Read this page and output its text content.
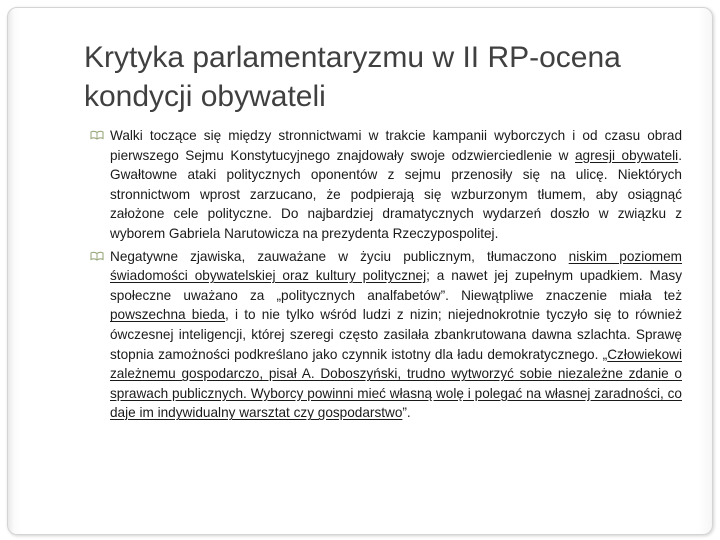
Krytyka parlamentaryzmu w II RP-ocena
kondycji obywateli

Walki toczące się między stronnictwami w trakcie kampanii wyborczych i od czasu obrad pierwszego Sejmu Konstytucyjnego znajdowały swoje odzwierciedlenie w agresji obywateli. Gwałtowne ataki politycznych oponentów z sejmu przenosiły się na ulicę. Niektórych stronnictwom wprost zarzucano, że podpierają się wzburzonym tłumem, aby osiągnąć założone cele polityczne. Do najbardziej dramatycznych wydarzeń doszło w związku z wyborem Gabriela Narutowicza na prezydenta Rzeczypospolitej.

Negatywne zjawiska, zauważane w życiu publicznym, tłumaczono niskim poziomem świadomości obywatelskiej oraz kultury politycznej; a nawet jej zupełnym upadkiem. Masy społeczne uważano za „politycznych analfabetów”. Niewątpliwe znaczenie miała też powszechna bieda, i to nie tylko wśród ludzi z nizin; niejednokrotnie tyczyło się to również ówczesnej inteligencji, której szeregi często zasilała zbankrutowana dawna szlachta. Sprawę stopnia zamożności podkreślano jako czynnik istotny dla ładu demokratycznego. „Człowiekowi zależnemu gospodarczo, pisał A. Doboszyński, trudno wytworzyć sobie niezależne zdanie o sprawach publicznych. Wyborcy powinni mieć własną wolę i polegać na własnej zaradności, co daje im indywidualny warsztat czy gospodarstwo”.
